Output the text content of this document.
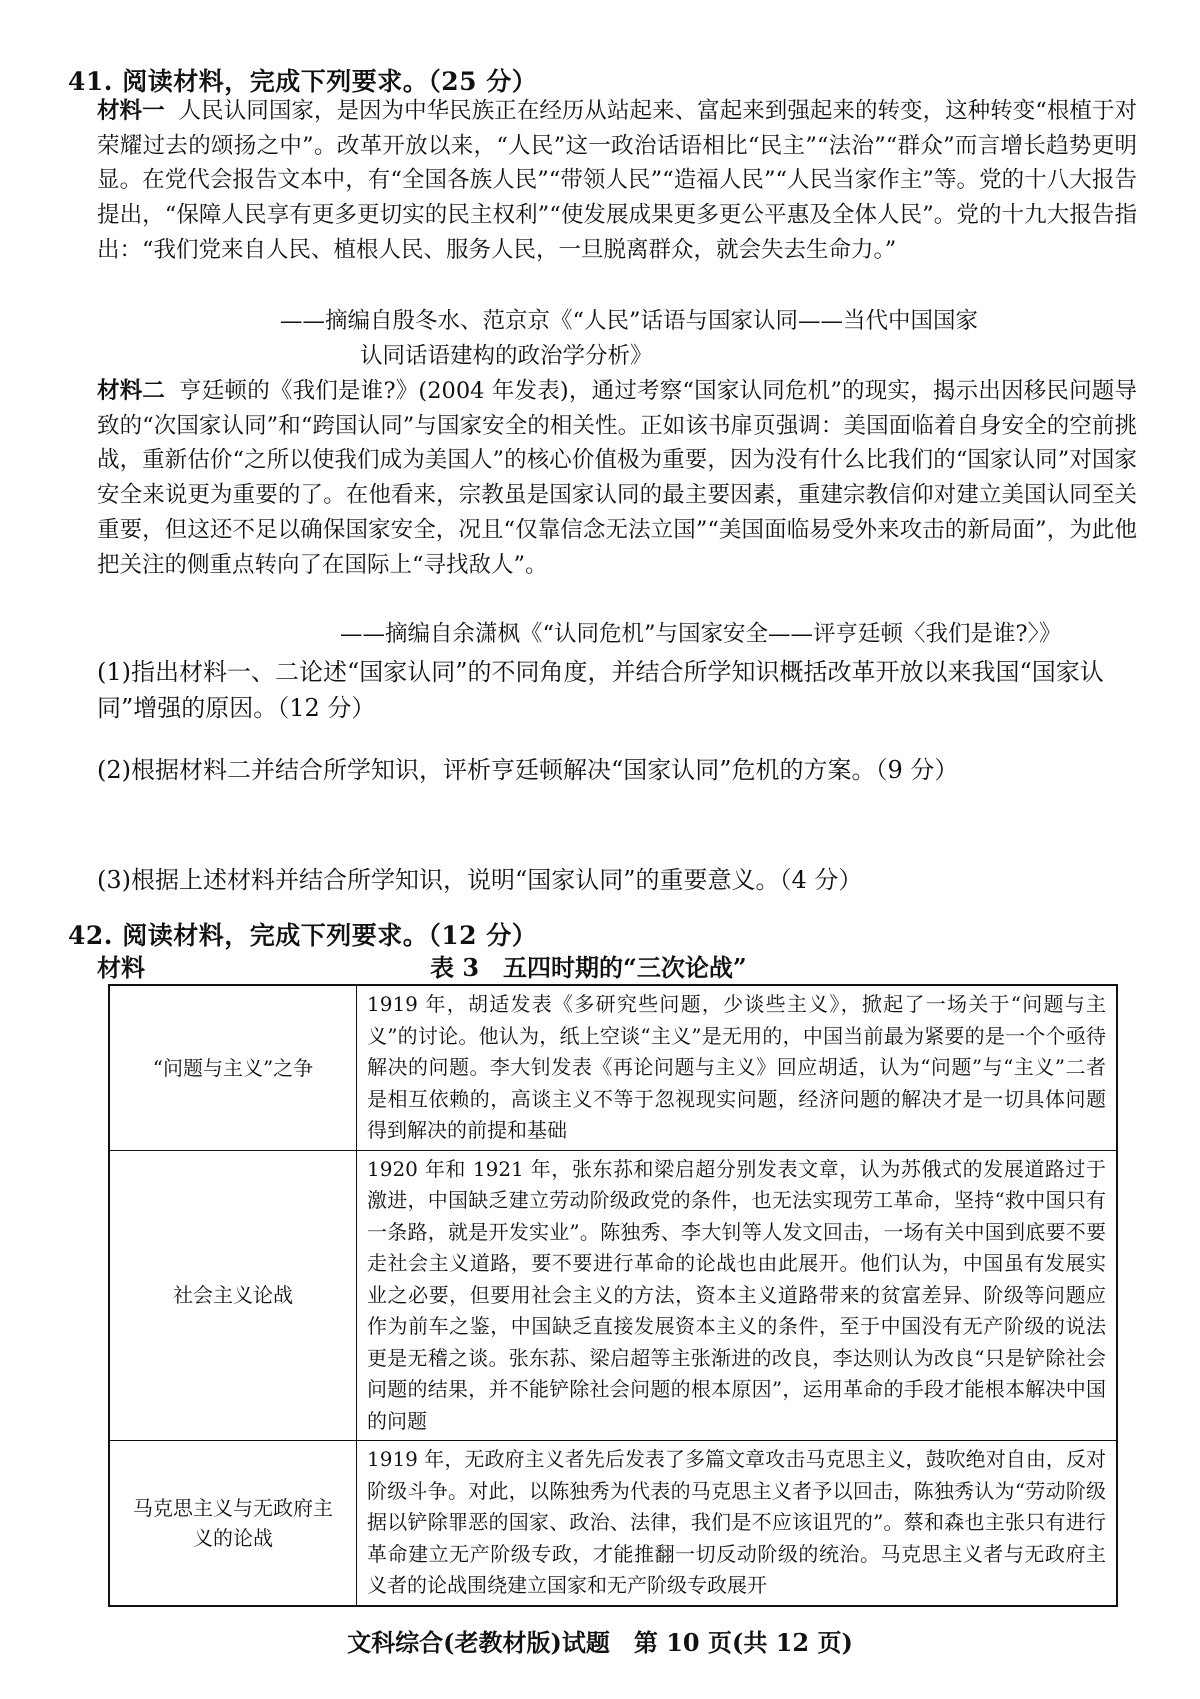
41. 阅读材料，完成下列要求。（25 分）
材料一 人民认同国家，是因为中华民族正在经历从站起来、富起来到强起来的转变，这种转变“根植于对荣耀过去的颂扬之中”。改革开放以来，“人民”这一政治话语相比“民主”“法治”“群众”而言增长趋势更明显。在党代会报告文本中，有“全国各族人民”“带领人民”“造福人民”“人民当家作主”等。党的十八大报告提出，“保障人民享有更多更切实的民主权利”“使发展成果更多更公平惠及全体人民”。党的十九大报告指出：“我们党来自人民、植根人民、服务人民，一旦脱离群众，就会失去生命力。”
——摘编自殷冬水、范京京《“人民”话语与国家认同——当代中国国家
认同话语建构的政治学分析》
材料二 亨廷顿的《我们是谁?》(2004 年发表)，通过考察“国家认同危机”的现实，揭示出因移民问题导致的“次国家认同”和“跨国认同”与国家安全的相关性。正如该书扉页强调：美国面临着自身安全的空前挑战，重新估价“之所以使我们成为美国人”的核心价值极为重要，因为没有什么比我们的“国家认同”对国家安全来说更为重要的了。在他看来，宗教虽是国家认同的最主要因素，重建宗教信仰对建立美国认同至关重要，但这还不足以确保国家安全，况且“仅靠信念无法立国”“美国面临易受外来攻击的新局面”，为此他把关注的侧重点转向了在国际上“寻找敌人”。
——摘编自余潇枫《“认同危机”与国家安全——评亨廷顿〈我们是谁?〉》
(1)指出材料一、二论述“国家认同”的不同角度，并结合所学知识概括改革开放以来我国“国家认同”增强的原因。（12 分）
(2)根据材料二并结合所学知识，评析亨廷顿解决“国家认同”危机的方案。（9 分）
(3)根据上述材料并结合所学知识，说明“国家认同”的重要意义。（4 分）
42. 阅读材料，完成下列要求。（12 分）
材料	表 3　五四时期的“三次论战”
“问题与主义”之争	1919 年，胡适发表《多研究些问题，少谈些主义》，掀起了一场关于“问题与主义”的讨论。他认为，纸上空谈“主义”是无用的，中国当前最为紧要的是一个个亟待解决的问题。李大钊发表《再论问题与主义》回应胡适，认为“问题”与“主义”二者是相互依赖的，高谈主义不等于忽视现实问题，经济问题的解决才是一切具体问题得到解决的前提和基础
社会主义论战	1920 年和 1921 年，张东荪和梁启超分别发表文章，认为苏俄式的发展道路过于激进，中国缺乏建立劳动阶级政党的条件，也无法实现劳工革命，坚持“救中国只有一条路，就是开发实业”。陈独秀、李大钊等人发文回击，一场有关中国到底要不要走社会主义道路，要不要进行革命的论战也由此展开。他们认为，中国虽有发展实业之必要，但要用社会主义的方法，资本主义道路带来的贫富差异、阶级等问题应作为前车之鉴，中国缺乏直接发展资本主义的条件，至于中国没有无产阶级的说法更是无稽之谈。张东荪、梁启超等主张渐进的改良，李达则认为改良“只是铲除社会问题的结果，并不能铲除社会问题的根本原因”，运用革命的手段才能根本解决中国的问题
马克思主义与无政府主义的论战	1919 年，无政府主义者先后发表了多篇文章攻击马克思主义，鼓吹绝对自由，反对阶级斗争。对此，以陈独秀为代表的马克思主义者予以回击，陈独秀认为“劳动阶级据以铲除罪恶的国家、政治、法律，我们是不应该诅咒的”。蔡和森也主张只有进行革命建立无产阶级专政，才能推翻一切反动阶级的统治。马克思主义者与无政府主义者的论战围绕建立国家和无产阶级专政展开
文科综合(老教材版)试题　第 10 页(共 12 页)
